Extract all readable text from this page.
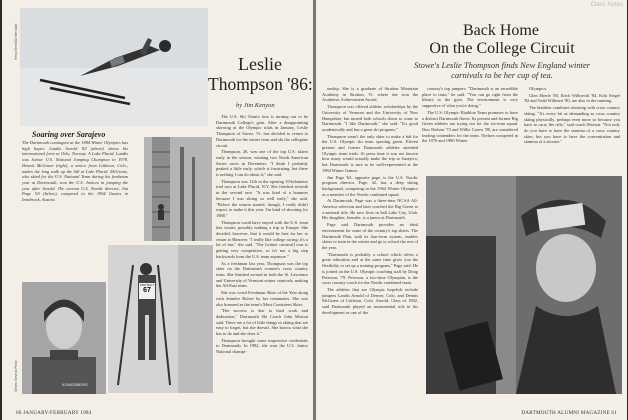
Hersh Stem/DA Merchant
Leslie
Thompson '86:
by Jim Kenyon
Soaring over Sarajevo
The Dartmouth contingent at the 1984 Winter Olympics has high hopes. Landis Arnold '82 (above) shows his international form at Oslo, Norway. A Lake Placid, Landis was Junior U.S. National Jumping Champion in 1978. Dennis McGrane (right), a senior from Littleton, Colo., makes the long walk up the hill at Lake Placid. McGrane, who skied for the U.S. National Team during his freshman year at Dartmouth, won the U.S. Juniors in jumping the year after Arnold. The current U.S. Nordic director, Jim Page '63 (below), competed in the 1964 Games in Innsbruck, Austria.
PROTECT
67
KONGSBERG
Steven Stevens Photo

The U.S. Ski Team's loss is turning out to be Dartmouth College's gain. After a disappointing showing at the Olympic trials in January, Leslie Thompson of Stowe, Vt. has decided to return to Dartmouth for the winter term and ski the collegiate circuit.

Thompson, 20, was one of the top U.S. skiers early in the season, winning two North American Series races in December. "I think I probably peaked a little early, which is frustrating, but there is nothing I can do about it," she said.

Thompson was 11th in the opening 10-kilometer trial race at Lake Placid, N.Y. She finished seventh in the second race. "It was kind of a bummer because I was skiing so well early," she said. "Before the season started, though, I really didn't expect to make it this year. I'm kind of shooting for 1988."

Thompson could have stayed with the U.S. team this winter, possibly making a trip to Europe. She decided, however, that it would be best for her to return to Hanover. "I really like college racing; it's a lot of fun," she said. "The [winter carnival] tour is getting very competitive, so it's not a big step backwards from the U.S. team anymore."

As a freshman last year, Thompson was the top skier on the Dartmouth women's cross country team. She finished second in both the St. Lawrence and University of Vermont winter carnivals, making the All-East team.

She was voted Freshman Skier of the Year along with Jennifer Bolcer by her teammates. She was also honored as the team's Most Consistent Skier.

"Her success is due to hard work and dedication," Dartmouth Ski Coach John Morton said. There are a lot of little things in skiing that are easy to forget, but she doesn't. She knows what she has to do and she does it."

Thompson brought some impressive credentials to Dartmouth. In 1982, she won the U.S. Junior National champi-

60 JANUARY/FEBRUARY 1984
Class Notes
Back Home
On the College Circuit
Stowe's Leslie Thompson finds New England winter carnivals to be her cup of tea.

onship. She is a graduate of Stratton Mountain Academy in Stratton, Vt. where she won the Academic Achievement Award.

Thompson was offered athletic scholarships by the University of Vermont and the University of New Hampshire, but turned both schools down to come to Dartmouth. "I like Dartmouth," she said. "It's good academically and has a great ski program."

Thompson wasn't the only skier to make a bid for the U.S. Olympic ski team sporting green. Eleven present and former Dartmouth athletes attended Olympic team trials. At press time it was not known how many would actually make the trip to Sarajevo, but Dartmouth is sure to be well-represented at the 1984 Winter Games.

Jim Page '63, opposite page, is the U.S. Nordic program director. Page, 42, has a deep skiing background, competing in the 1964 Winter Olympics as a member of the Nordic combined squad.

At Dartmouth, Page was a three-time NCAA All-America selection and later coached the Big Green to a national title. He now lives in Salt Lake City, Utah. His daughter, Jennifer, is a junior at Dartmouth.

Page said Dartmouth provides an ideal environment for some of the country's top skiers. The Dartmouth Plan, with its four-term system, enables skiers to train in the winter and go to school the rest of the year.

"Dartmouth is probably a school which offers a great education and at the same time gives you the flexibility to set up a training program," Page said. He is joined on the U.S. Olympic coaching staff by Doug Peterson, '79. Peterson, a two-time Olympian, is the cross country coach for the Nordic combined team.

The athletes that are Olympic hopefuls include jumpers Landis Arnold of Denver, Colo. and Dennis McGrane of Littleton, Colo. Arnold, Class of 1982, said Dartmouth played an instrumental role in his development as one of the

country's top jumpers. "Dartmouth is an incredible place to train," he said. "You can go right from the library to the gym. The environment is very supportive of what you're doing."

The U.S. Olympic Biathlon Team promises to have a distinct Dartmouth flavor. Its present and former Big Green athletes are trying out for the six-man squad. Don Nielsen '73 and Willie Carow '80, are considered leading contenders for the team. Nielsen competed in the 1976 and 1980 Winter

Olympics.

Glen Eberle '80, Erich Wilbrecht '84, Kirk Siegel '82 and Todd Willmert '80, are also in the running.

The biathlon combines shooting with cross country skiing. "It's every bit as demanding as cross country skiing physically, perhaps even more so because you have to carry the rifle," said coach Morton. "Not only do you have to have the stamina of a cross country skier; but you have to have the concentration and stamina of a shooter."

DARTMOUTH ALUMNI MAGAZINE 61
